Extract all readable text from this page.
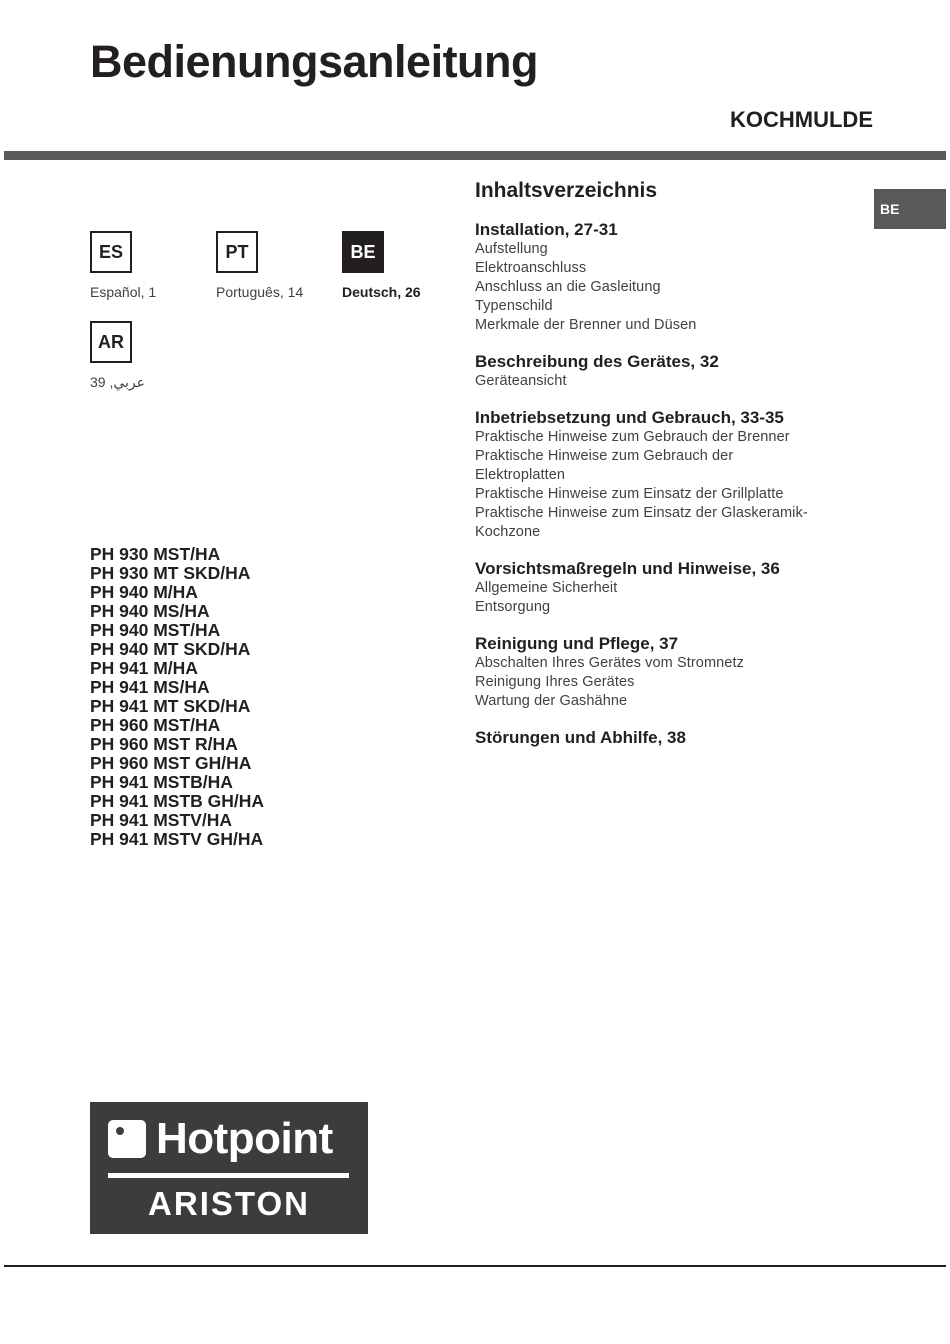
Bedienungsanleitung
KOCHMULDE
ES
Español, 1
PT
Português, 14
BE
Deutsch, 26
AR
عربي, 39
PH 930 MST/HA
PH 930 MT SKD/HA
PH 940 M/HA
PH 940 MS/HA
PH 940 MST/HA
PH 940 MT SKD/HA
PH 941 M/HA
PH 941 MS/HA
PH 941 MT SKD/HA
PH 960 MST/HA
PH 960 MST R/HA
PH 960 MST GH/HA
PH 941 MSTB/HA
PH 941 MSTB GH/HA
PH 941 MSTV/HA
PH 941 MSTV GH/HA
Inhaltsverzeichnis
Installation, 27-31
Aufstellung
Elektroanschluss
Anschluss an die Gasleitung
Typenschild
Merkmale der Brenner und Düsen
Beschreibung des Gerätes, 32
Geräteansicht
Inbetriebsetzung und Gebrauch, 33-35
Praktische Hinweise zum Gebrauch der Brenner
Praktische Hinweise zum Gebrauch der Elektroplatten
Praktische Hinweise zum Einsatz der Grillplatte
Praktische Hinweise zum Einsatz der Glaskeramik-Kochzone
Vorsichtsmaßregeln und Hinweise, 36
Allgemeine Sicherheit
Entsorgung
Reinigung und Pflege, 37
Abschalten Ihres Gerätes vom Stromnetz
Reinigung Ihres Gerätes
Wartung der Gashähne
Störungen und Abhilfe, 38
BE
Hotpoint
ARISTON
